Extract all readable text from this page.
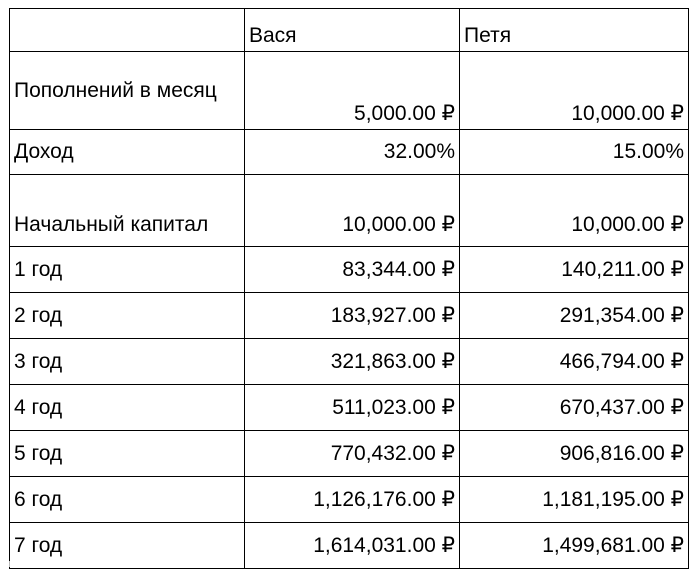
	Вася	Петя
Пополнений в месяц	5,000.00 ₽	10,000.00 ₽
Доход	32.00%	15.00%
Начальный капитал	10,000.00 ₽	10,000.00 ₽
1 год	83,344.00 ₽	140,211.00 ₽
2 год	183,927.00 ₽	291,354.00 ₽
3 год	321,863.00 ₽	466,794.00 ₽
4 год	511,023.00 ₽	670,437.00 ₽
5 год	770,432.00 ₽	906,816.00 ₽
6 год	1,126,176.00 ₽	1,181,195.00 ₽
7 год	1,614,031.00 ₽	1,499,681.00 ₽
